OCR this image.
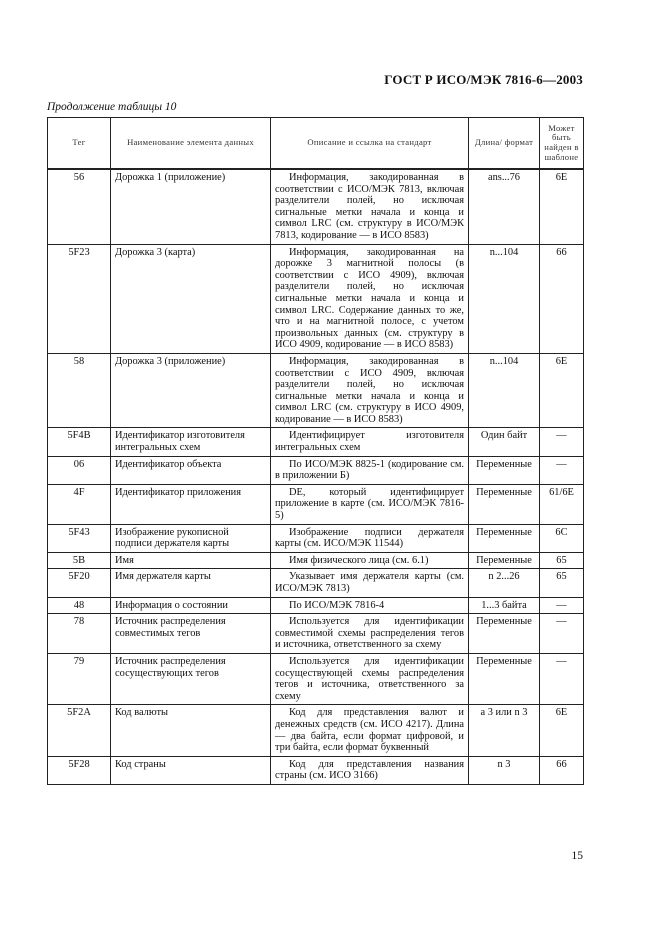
ГОСТ Р ИСО/МЭК 7816-6—2003
Продолжение таблицы 10
Тег	Наименование элемента данных	Описание и ссылка на стандарт	Длина/ формат	Может быть найден в шаблоне
56	Дорожка 1 (приложение)	Информация, закодированная в соответствии с ИСО/МЭК 7813, включая разделители полей, но исключая сигнальные метки начала и конца и символ LRC (см. структуру в ИСО/МЭК 7813, кодирование — в ИСО 8583)	ans...76	6E
5F23	Дорожка 3 (карта)	Информация, закодированная на дорожке 3 магнитной полосы (в соответствии с ИСО 4909), включая разделители полей, но исключая сигнальные метки начала и конца и символ LRC. Содержание данных то же, что и на магнитной полосе, с учетом произвольных данных (см. структуру в ИСО 4909, кодирование — в ИСО 8583)	n...104	66
58	Дорожка 3 (приложение)	Информация, закодированная в соответствии с ИСО 4909, включая разделители полей, но исключая сигнальные метки начала и конца и символ LRC (см. структуру в ИСО 4909, кодирование — в ИСО 8583)	n...104	6E
5F4B	Идентификатор изготовителя интегральных схем	Идентифицирует изготовителя интегральных схем	Один байт	—
06	Идентификатор объекта	По ИСО/МЭК 8825-1 (кодирование см. в приложении Б)	Переменные	—
4F	Идентификатор приложения	DE, который идентифицирует приложение в карте (см. ИСО/МЭК 7816-5)	Переменные	61/6E
5F43	Изображение рукописной подписи держателя карты	Изображение подписи держателя карты (см. ИСО/МЭК 11544)	Переменные	6C
5B	Имя	Имя физического лица (см. 6.1)	Переменные	65
5F20	Имя держателя карты	Указывает имя держателя карты (см. ИСО/МЭК 7813)	n 2...26	65
48	Информация о состоянии	По ИСО/МЭК 7816-4	1...3 байта	—
78	Источник распределения совместимых тегов	Используется для идентификации совместимой схемы распределения тегов и источника, ответственного за схему	Переменные	—
79	Источник распределения сосуществующих тегов	Используется для идентификации сосуществующей схемы распределения тегов и источника, ответственного за схему	Переменные	—
5F2A	Код валюты	Код для представления валют и денежных средств (см. ИСО 4217). Длина — два байта, если формат цифровой, и три байта, если формат буквенный	a 3 или n 3	6E
5F28	Код страны	Код для представления названия страны (см. ИСО 3166)	n 3	66
15
